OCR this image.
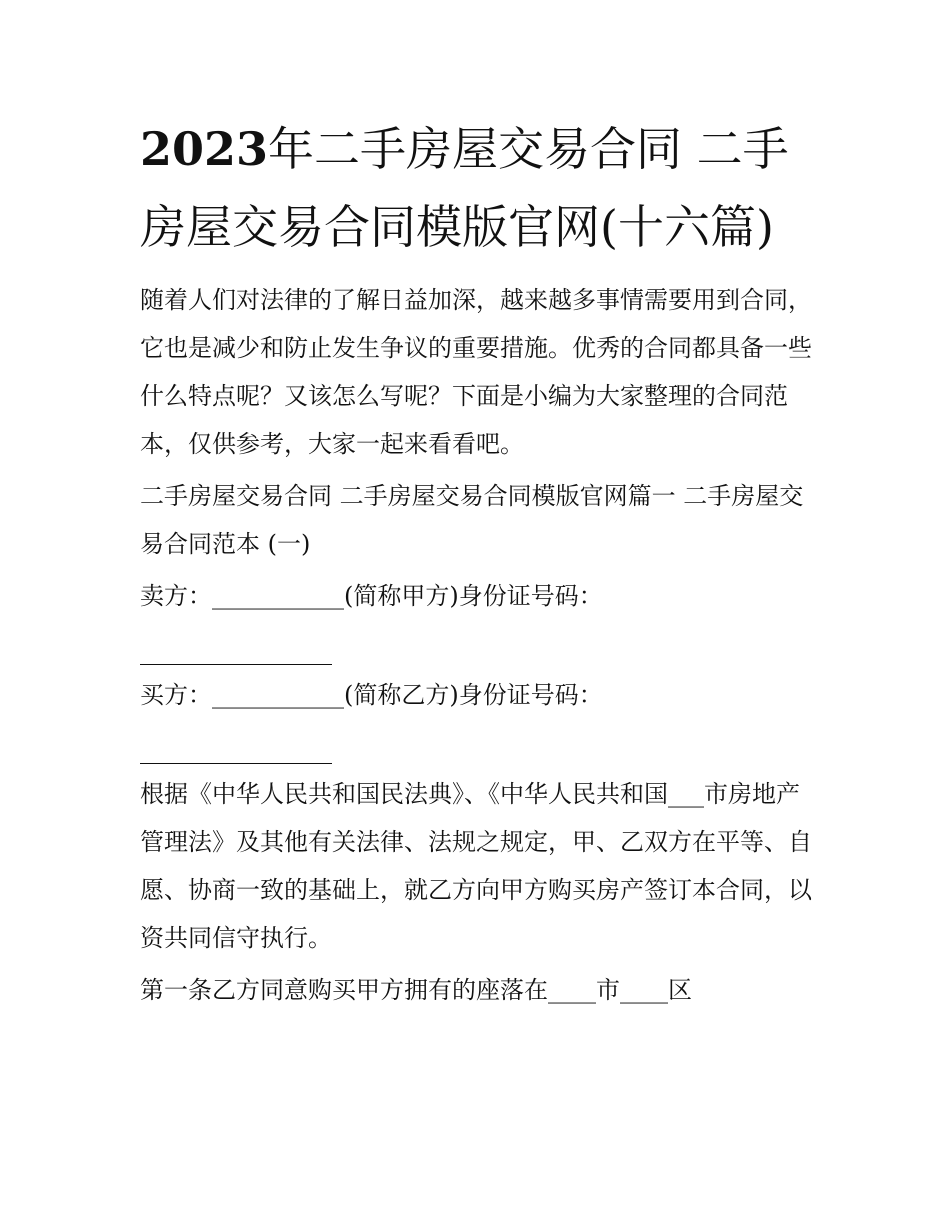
2023年二手房屋交易合同 二手房屋交易合同模版官网(十六篇)

随着人们对法律的了解日益加深，越来越多事情需要用到合同，它也是减少和防止发生争议的重要措施。优秀的合同都具备一些什么特点呢？又该怎么写呢？下面是小编为大家整理的合同范本，仅供参考，大家一起来看看吧。

二手房屋交易合同 二手房屋交易合同模版官网篇一 二手房屋交易合同范本 (一)

卖方：___________(简称甲方)身份证号码：

买方：___________(简称乙方)身份证号码：

根据《中华人民共和国民法典》、《中华人民共和国___市房地产管理法》及其他有关法律、法规之规定，甲、乙双方在平等、自愿、协商一致的基础上，就乙方向甲方购买房产签订本合同，以资共同信守执行。

第一条乙方同意购买甲方拥有的座落在____市____区
